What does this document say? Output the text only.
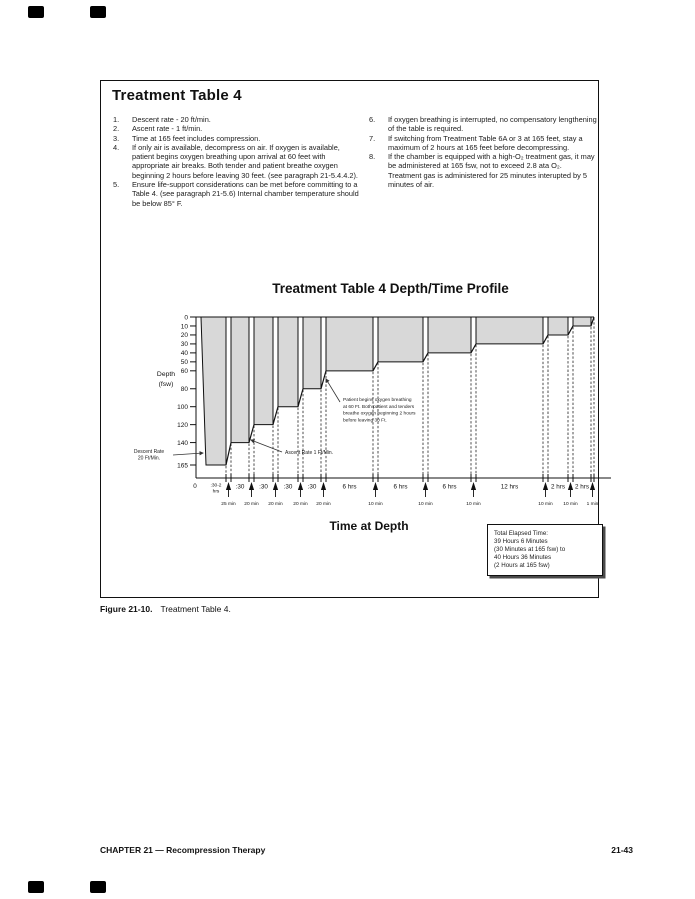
Treatment Table 4
1.	Descent rate - 20 ft/min.
2.	Ascent rate - 1 ft/min.
3.	Time at 165 feet includes compression.
4.	If only air is available, decompress on air. If oxygen is available, patient begins oxygen breathing upon arrival at 60 feet with appropriate air breaks. Both tender and patient breathe oxygen beginning 2 hours before leaving 30 feet. (see paragraph 21-5.4.4.2).
5.	Ensure life-support considerations can be met before committing to a Table 4. (see paragraph 21-5.6) Internal chamber temperature should be below 85° F.
6.	If oxygen breathing is interrupted, no compensatory lengthening of the table is required.
7.	If switching from Treatment Table 6A or 3 at 165 feet, stay a maximum of 2 hours at 165 feet before decompressing.
8.	If the chamber is equipped with a high-O₂ treatment gas, it may be administered at 165 fsw, not to exceed 2.8 ata O₂. Treatment gas is administered for 25 minutes interupted by 5 minutes of air.
Treatment Table 4 Depth/Time Profile
0
10
20
30
40
50
60
80
100
120
140
165
Depth
(fsw)
25 min 20 min 20 min 20 min 20 min	10 min	10 min	10 min	10 min 10 min 1 min
0	:30-2
hrs
:30 :30 :30 :30	6 hrs	6 hrs	6 hrs	12 hrs	2 hrs 2 hrs
Time at Depth
Descent Rate
20 Ft/Min.
Ascent Rate 1 Ft/Min.
Patient begins oxygen breathing
at 60 Ft. Both patient and tenders
breathe oxygen beginning 2 hours
before leaving 30 Ft.
Total Elapsed Time:
39 Hours 6 Minutes
(30 Minutes at 165 fsw) to
40 Hours 36 Minutes
(2 Hours at 165 fsw)
Figure 21-10. Treatment Table 4.
CHAPTER 21 — Recompression Therapy	21-43
